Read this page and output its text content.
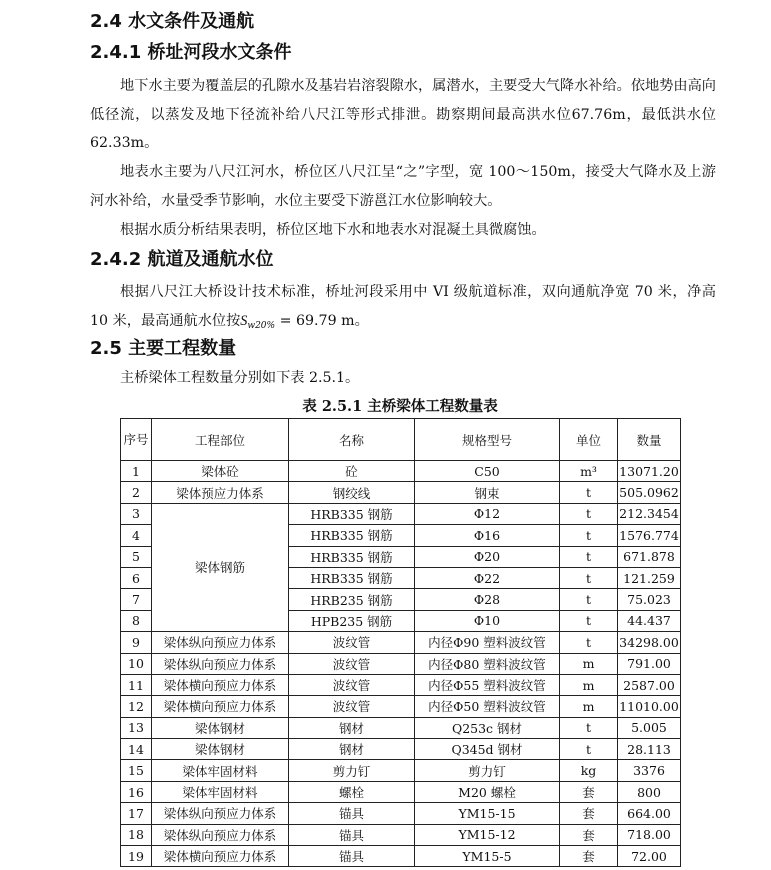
2.4 水文条件及通航
2.4.1 桥址河段水文条件

地下水主要为覆盖层的孔隙水及基岩岩溶裂隙水，属潜水，主要受大气降水补给。依地势由高向低径流，以蒸发及地下径流补给八尺江等形式排泄。勘察期间最高洪水位67.76m，最低洪水位62.33m。

地表水主要为八尺江河水，桥位区八尺江呈“之”字型，宽 100～150m，接受大气降水及上游河水补给，水量受季节影响，水位主要受下游邕江水位影响较大。

根据水质分析结果表明，桥位区地下水和地表水对混凝土具微腐蚀。

2.4.2 航道及通航水位

根据八尺江大桥设计技术标准，桥址河段采用中 VI 级航道标准，双向通航净宽 70 米，净高 10 米，最高通航水位按$S_{w20\%} = 69.79$ m。

2.5 主要工程数量

主桥梁体工程数量分别如下表 2.5.1。

表 2.5.1 主桥梁体工程数量表

序号	工程部位	名称	规格型号	单位	数量
1	梁体砼	砼	C50	m³	13071.20
2	梁体预应力体系	钢绞线	钢束	t	505.0962
3	梁体钢筋	HRB335 钢筋	Φ12	t	212.3454
4		HRB335 钢筋	Φ16	t	1576.774
5		HRB335 钢筋	Φ20	t	671.878
6		HRB335 钢筋	Φ22	t	121.259
7		HRB235 钢筋	Φ28	t	75.023
8		HPB235 钢筋	Φ10	t	44.437
9	梁体纵向预应力体系	波纹管	内径Φ90 塑料波纹管	t	34298.00
10	梁体纵向预应力体系	波纹管	内径Φ80 塑料波纹管	m	791.00
11	梁体横向预应力体系	波纹管	内径Φ55 塑料波纹管	m	2587.00
12	梁体横向预应力体系	波纹管	内径Φ50 塑料波纹管	m	11010.00
13	梁体钢材	钢材	Q253c 钢材	t	5.005
14	梁体钢材	钢材	Q345d 钢材	t	28.113
15	梁体牢固材料	剪力钉	剪力钉	kg	3376
16	梁体牢固材料	螺栓	M20 螺栓	套	800
17	梁体纵向预应力体系	锚具	YM15-15	套	664.00
18	梁体纵向预应力体系	锚具	YM15-12	套	718.00
19	梁体横向预应力体系	锚具	YM15-5	套	72.00
